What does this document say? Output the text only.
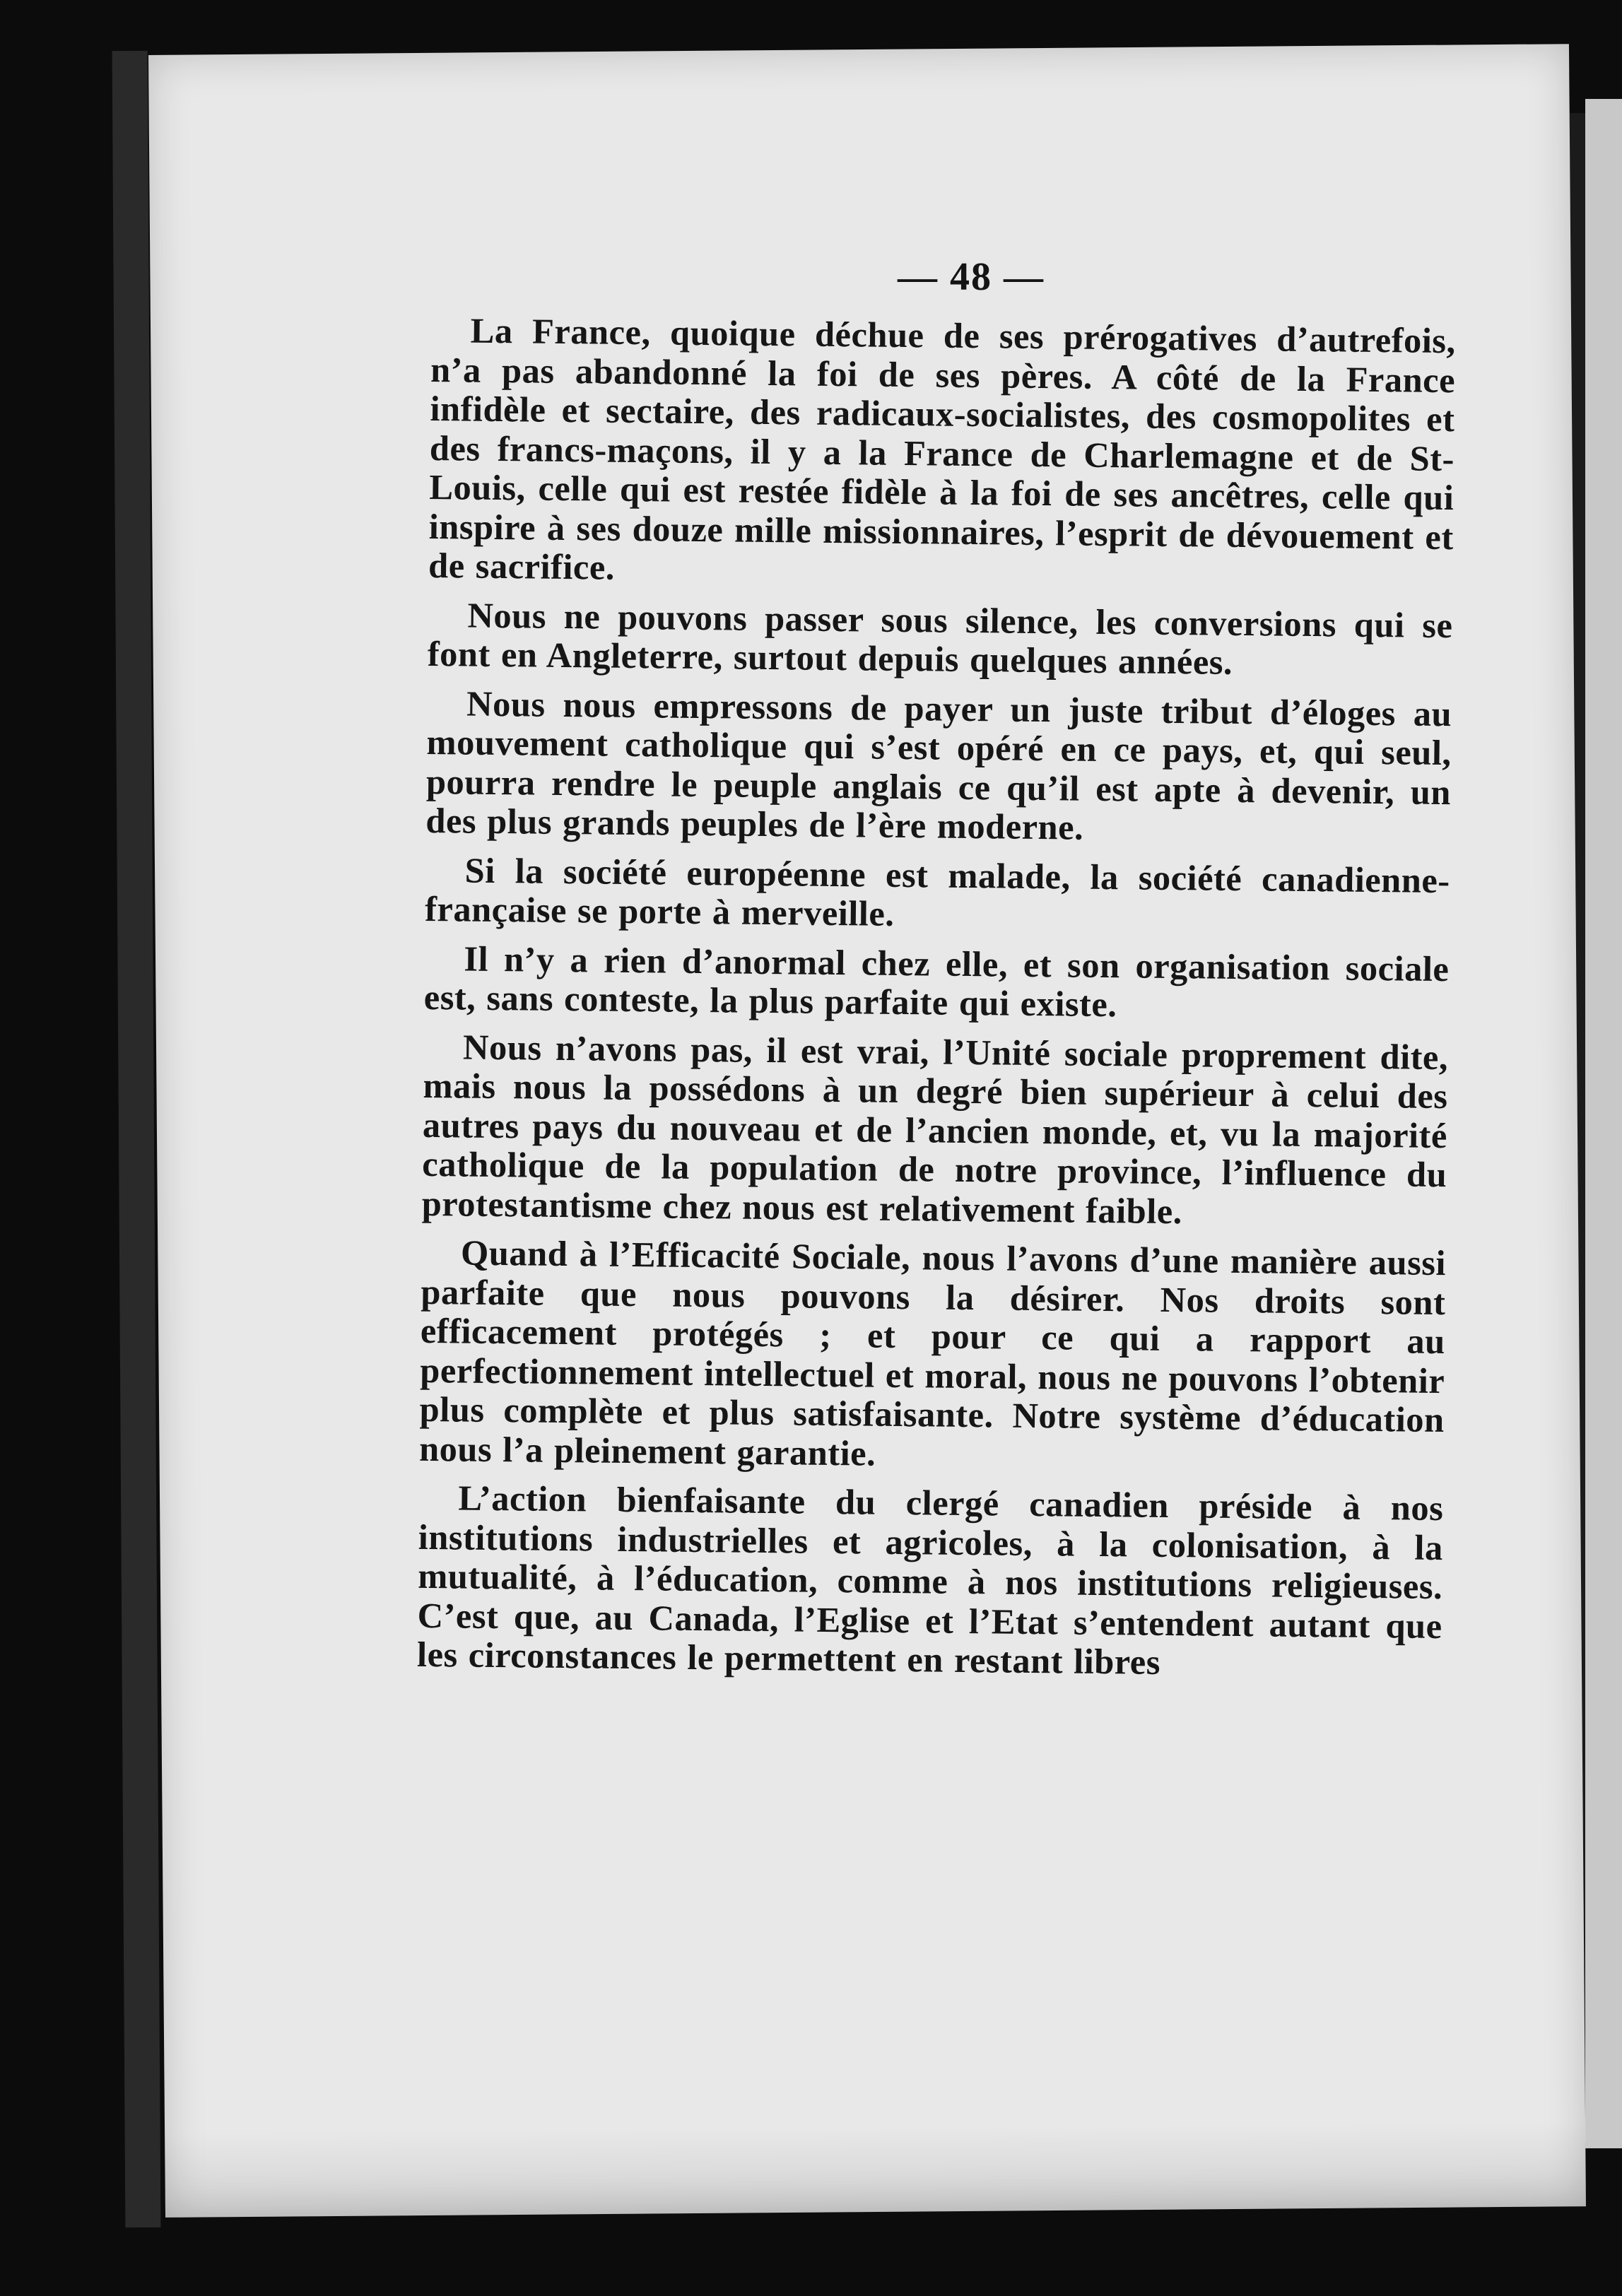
— 48 —

La France, quoique déchue de ses prérogatives d’autrefois, n’a pas abandonné la foi de ses pères. A côté de la France infidèle et sectaire, des radicaux-socialistes, des cosmopolites et des francs-maçons, il y a la France de Charlemagne et de St-Louis, celle qui est restée fidèle à la foi de ses ancêtres, celle qui inspire à ses douze mille missionnaires, l’esprit de dévouement et de sacrifice.

Nous ne pouvons passer sous silence, les conversions qui se font en Angleterre, surtout depuis quelques années.

Nous nous empressons de payer un juste tribut d’éloges au mouvement catholique qui s’est opéré en ce pays, et, qui seul, pourra rendre le peuple anglais ce qu’il est apte à devenir, un des plus grands peuples de l’ère moderne.

Si la société européenne est malade, la société canadienne-française se porte à merveille.

Il n’y a rien d’anormal chez elle, et son organisation sociale est, sans conteste, la plus parfaite qui existe.

Nous n’avons pas, il est vrai, l’Unité sociale proprement dite, mais nous la possédons à un degré bien supérieur à celui des autres pays du nouveau et de l’ancien monde, et, vu la majorité catholique de la population de notre province, l’influence du protestantisme chez nous est relativement faible.

Quand à l’Efficacité Sociale, nous l’avons d’une manière aussi parfaite que nous pouvons la désirer. Nos droits sont efficacement protégés ; et pour ce qui a rapport au perfectionnement intellectuel et moral, nous ne pouvons l’obtenir plus complète et plus satisfaisante. Notre système d’éducation nous l’a pleinement garantie.

L’action bienfaisante du clergé canadien préside à nos institutions industrielles et agricoles, à la colonisation, à la mutualité, à l’éducation, comme à nos institutions religieuses. C’est que, au Canada, l’Eglise et l’Etat s’entendent autant que les circonstances le permettent en restant libres
